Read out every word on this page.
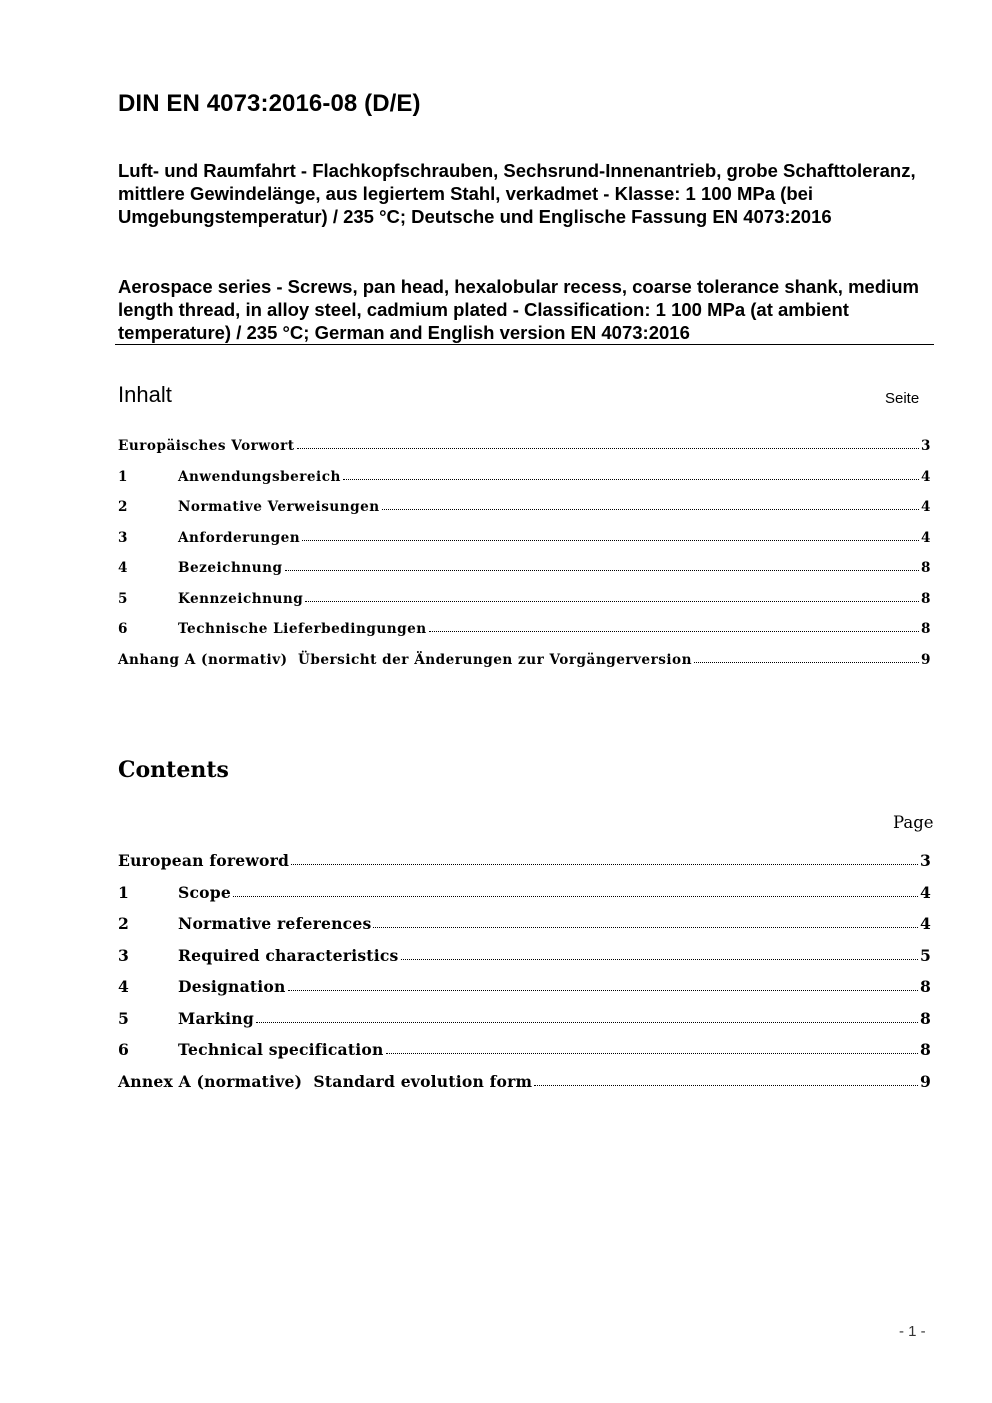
DIN EN 4073:2016-08 (D/E)
Luft- und Raumfahrt - Flachkopfschrauben, Sechsrund-Innenantrieb, grobe Schafttoleranz, mittlere Gewindelänge, aus legiertem Stahl, verkadmet - Klasse: 1 100 MPa (bei Umgebungstemperatur) / 235 °C; Deutsche und Englische Fassung EN 4073:2016
Aerospace series - Screws, pan head, hexalobular recess, coarse tolerance shank, medium length thread, in alloy steel, cadmium plated - Classification: 1 100 MPa (at ambient temperature) / 235 °C; German and English version EN 4073:2016
Inhalt	Seite
Europäisches Vorwort	3
1	Anwendungsbereich	4
2	Normative Verweisungen	4
3	Anforderungen	4
4	Bezeichnung	8
5	Kennzeichnung	8
6	Technische Lieferbedingungen	8
Anhang A (normativ)  Übersicht der Änderungen zur Vorgängerversion	9
Contents
Page
European foreword	3
1	Scope	4
2	Normative references	4
3	Required characteristics	5
4	Designation	8
5	Marking	8
6	Technical specification	8
Annex A (normative)  Standard evolution form	9
- 1 -
